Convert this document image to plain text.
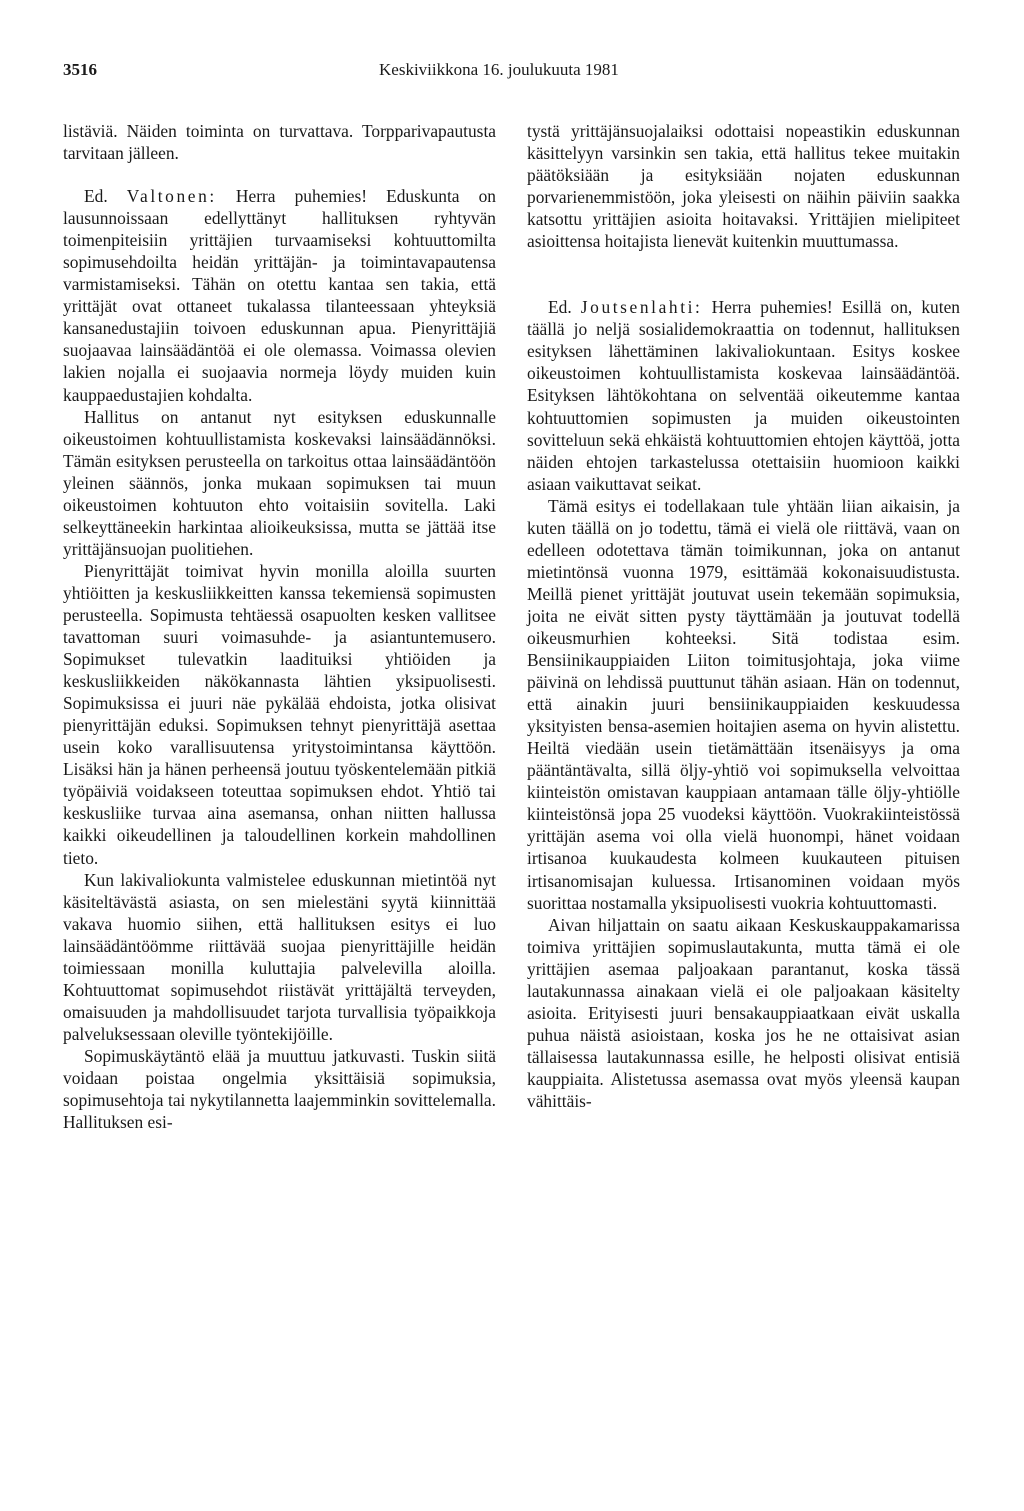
3516	Keskiviikkona 16. joulukuuta 1981

listäviä. Näiden toiminta on turvattava. Torpparivapautusta tarvitaan jälleen.

Ed. Valtonen: Herra puhemies! Eduskunta on lausunnoissaan edellyttänyt hallituksen ryhtyvän toimenpiteisiin yrittäjien turvaamiseksi kohtuuttomilta sopimusehdoilta heidän yrittäjän- ja toimintavapautensa varmistamiseksi. Tähän on otettu kantaa sen takia, että yrittäjät ovat ottaneet tukalassa tilanteessaan yhteyksiä kansanedustajiin toivoen eduskunnan apua. Pienyrittäjiä suojaavaa lainsäädäntöä ei ole olemassa. Voimassa olevien lakien nojalla ei suojaavia normeja löydy muiden kuin kauppaedustajien kohdalta.

Hallitus on antanut nyt esityksen eduskunnalle oikeustoimen kohtuullistamista koskevaksi lainsäädännöksi. Tämän esityksen perusteella on tarkoitus ottaa lainsäädäntöön yleinen säännös, jonka mukaan sopimuksen tai muun oikeustoimen kohtuuton ehto voitaisiin sovitella. Laki selkeyttäneekin harkintaa alioikeuksissa, mutta se jättää itse yrittäjänsuojan puolitiehen.

Pienyrittäjät toimivat hyvin monilla aloilla suurten yhtiöitten ja keskusliikkeitten kanssa tekemiensä sopimusten perusteella. Sopimusta tehtäessä osapuolten kesken vallitsee tavattoman suuri voimasuhde- ja asiantuntemusero. Sopimukset tulevatkin laadituiksi yhtiöiden ja keskusliikkeiden näkökannasta lähtien yksipuolisesti. Sopimuksissa ei juuri näe pykälää ehdoista, jotka olisivat pienyrittäjän eduksi. Sopimuksen tehnyt pienyrittäjä asettaa usein koko varallisuutensa yritystoimintansa käyttöön. Lisäksi hän ja hänen perheensä joutuu työskentelemään pitkiä työpäiviä voidakseen toteuttaa sopimuksen ehdot. Yhtiö tai keskusliike turvaa aina asemansa, onhan niitten hallussa kaikki oikeudellinen ja taloudellinen korkein mahdollinen tieto.

Kun lakivaliokunta valmistelee eduskunnan mietintöä nyt käsiteltävästä asiasta, on sen mielestäni syytä kiinnittää vakava huomio siihen, että hallituksen esitys ei luo lainsäädäntöömme riittävää suojaa pienyrittäjille heidän toimiessaan monilla kuluttajia palvelevilla aloilla. Kohtuuttomat sopimusehdot riistävät yrittäjältä terveyden, omaisuuden ja mahdollisuudet tarjota turvallisia työpaikkoja palveluksessaan oleville työntekijöille.

Sopimuskäytäntö elää ja muuttuu jatkuvasti. Tuskin siitä voidaan poistaa ongelmia yksittäisiä sopimuksia, sopimusehtoja tai nykytilannetta laajemminkin sovittelemalla. Hallituksen esi-

tystä yrittäjänsuojalaiksi odottaisi nopeastikin eduskunnan käsittelyyn varsinkin sen takia, että hallitus tekee muitakin päätöksiään ja esityksiään nojaten eduskunnan porvarienemmistöön, joka yleisesti on näihin päiviin saakka katsottu yrittäjien asioita hoitavaksi. Yrittäjien mielipiteet asioittensa hoitajista lienevät kuitenkin muuttumassa.

Ed. Joutsenlahti: Herra puhemies! Esillä on, kuten täällä jo neljä sosialidemokraattia on todennut, hallituksen esityksen lähettäminen lakivaliokuntaan. Esitys koskee oikeustoimen kohtuullistamista koskevaa lainsäädäntöä. Esityksen lähtökohtana on selventää oikeutemme kantaa kohtuuttomien sopimusten ja muiden oikeustointen sovitteluun sekä ehkäistä kohtuuttomien ehtojen käyttöä, jotta näiden ehtojen tarkastelussa otettaisiin huomioon kaikki asiaan vaikuttavat seikat.

Tämä esitys ei todellakaan tule yhtään liian aikaisin, ja kuten täällä on jo todettu, tämä ei vielä ole riittävä, vaan on edelleen odotettava tämän toimikunnan, joka on antanut mietintönsä vuonna 1979, esittämää kokonaisuudistusta. Meillä pienet yrittäjät joutuvat usein tekemään sopimuksia, joita ne eivät sitten pysty täyttämään ja joutuvat todellä oikeusmurhien kohteeksi. Sitä todistaa esim. Bensiinikauppiaiden Liiton toimitusjohtaja, joka viime päivinä on lehdissä puuttunut tähän asiaan. Hän on todennut, että ainakin juuri bensiinikauppiaiden keskuudessa yksityisten bensa-asemien hoitajien asema on hyvin alistettu. Heiltä viedään usein tietämättään itsenäisyys ja oma pääntäntävalta, sillä öljy-yhtiö voi sopimuksella velvoittaa kiinteistön omistavan kauppiaan antamaan tälle öljy-yhtiölle kiinteistönsä jopa 25 vuodeksi käyttöön. Vuokrakiinteistössä yrittäjän asema voi olla vielä huonompi, hänet voidaan irtisanoa kuukaudesta kolmeen kuukauteen pituisen irtisanomisajan kuluessa. Irtisanominen voidaan myös suorittaa nostamalla yksipuolisesti vuokria kohtuuttomasti.

Aivan hiljattain on saatu aikaan Keskuskauppakamarissa toimiva yrittäjien sopimuslautakunta, mutta tämä ei ole yrittäjien asemaa paljoakaan parantanut, koska tässä lautakunnassa ainakaan vielä ei ole paljoakaan käsitelty asioita. Erityisesti juuri bensakauppiaatkaan eivät uskalla puhua näistä asioistaan, koska jos he ne ottaisivat asian tällaisessa lautakunnassa esille, he helposti olisivat entisiä kauppiaita. Alistetussa asemassa ovat myös yleensä kaupan vähittäis-
